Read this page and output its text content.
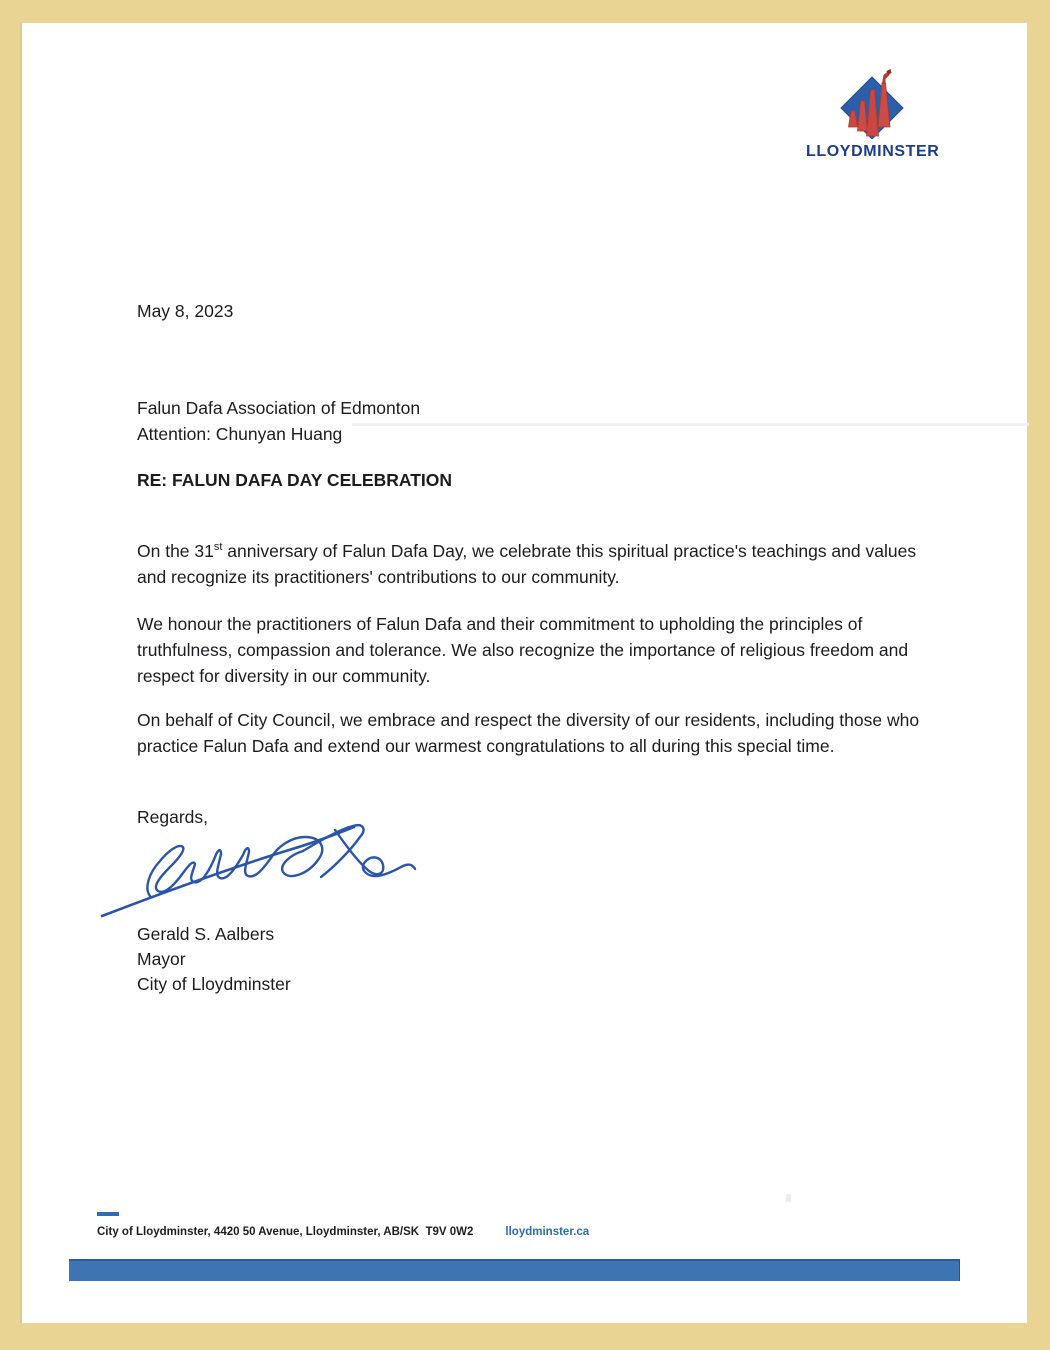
LLOYDMINSTER
May 8, 2023
Falun Dafa Association of Edmonton
Attention: Chunyan Huang
RE: FALUN DAFA DAY CELEBRATION

On the 31st anniversary of Falun Dafa Day, we celebrate this spiritual practice's teachings and values and recognize its practitioners' contributions to our community.

We honour the practitioners of Falun Dafa and their commitment to upholding the principles of truthfulness, compassion and tolerance. We also recognize the importance of religious freedom and respect for diversity in our community.

On behalf of City Council, we embrace and respect the diversity of our residents, including those who practice Falun Dafa and extend our warmest congratulations to all during this special time.

Regards,
Gerald S. Aalbers
Mayor
City of Lloydminster
City of Lloydminster, 4420 50 Avenue, Lloydminster, AB/SK  T9V 0W2	lloydminster.ca
